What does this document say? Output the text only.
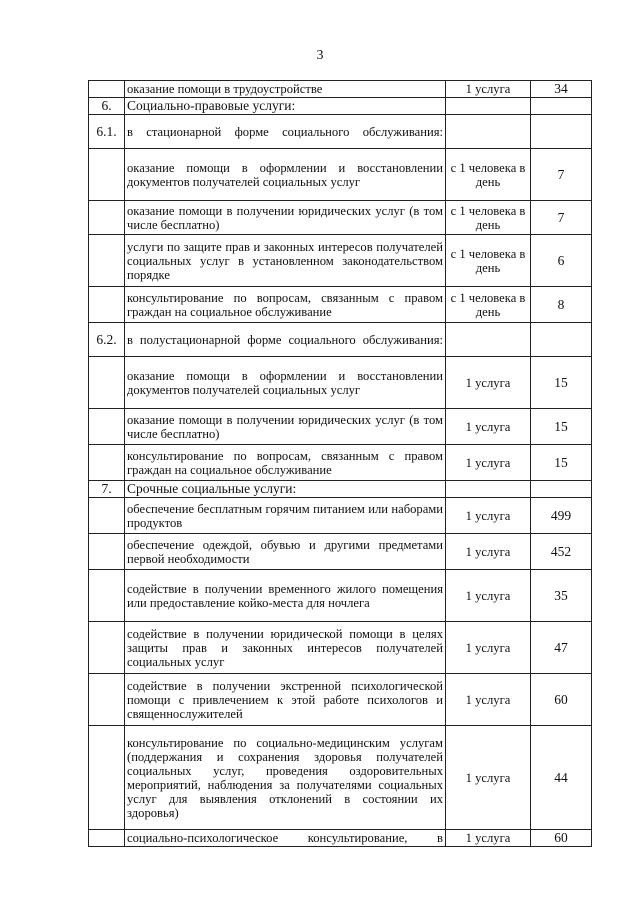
3
	оказание помощи в трудоустройстве	1 услуга	34
6.	Социально-правовые услуги:		
6.1.	в стационарной форме социального обслуживания:		
	оказание помощи в оформлении и восстановлении документов получателей социальных услуг	с 1 человека в день	7
	оказание помощи в получении юридических услуг (в том числе бесплатно)	с 1 человека в день	7
	услуги по защите прав и законных интересов получателей социальных услуг в установленном законодательством порядке	с 1 человека в день	6
	консультирование по вопросам, связанным с правом граждан на социальное обслуживание	с 1 человека в день	8
6.2.	в полустационарной форме социального обслуживания:		
	оказание помощи в оформлении и восстановлении документов получателей социальных услуг	1 услуга	15
	оказание помощи в получении юридических услуг (в том числе бесплатно)	1 услуга	15
	консультирование по вопросам, связанным с правом граждан на социальное обслуживание	1 услуга	15
7.	Срочные социальные услуги:		
	обеспечение бесплатным горячим питанием или наборами продуктов	1 услуга	499
	обеспечение одеждой, обувью и другими предметами первой необходимости	1 услуга	452
	содействие в получении временного жилого помещения или предоставление койко-места для ночлега	1 услуга	35
	содействие в получении юридической помощи в целях защиты прав и законных интересов получателей социальных услуг	1 услуга	47
	содействие в получении экстренной психологической помощи с привлечением к этой работе психологов и священнослужителей	1 услуга	60
	консультирование по социально-медицинским услугам (поддержания и сохранения здоровья получателей социальных услуг, проведения оздоровительных мероприятий, наблюдения за получателями социальных услуг для выявления отклонений в состоянии их здоровья)	1 услуга	44
	социально-психологическое консультирование, в	1 услуга	60
